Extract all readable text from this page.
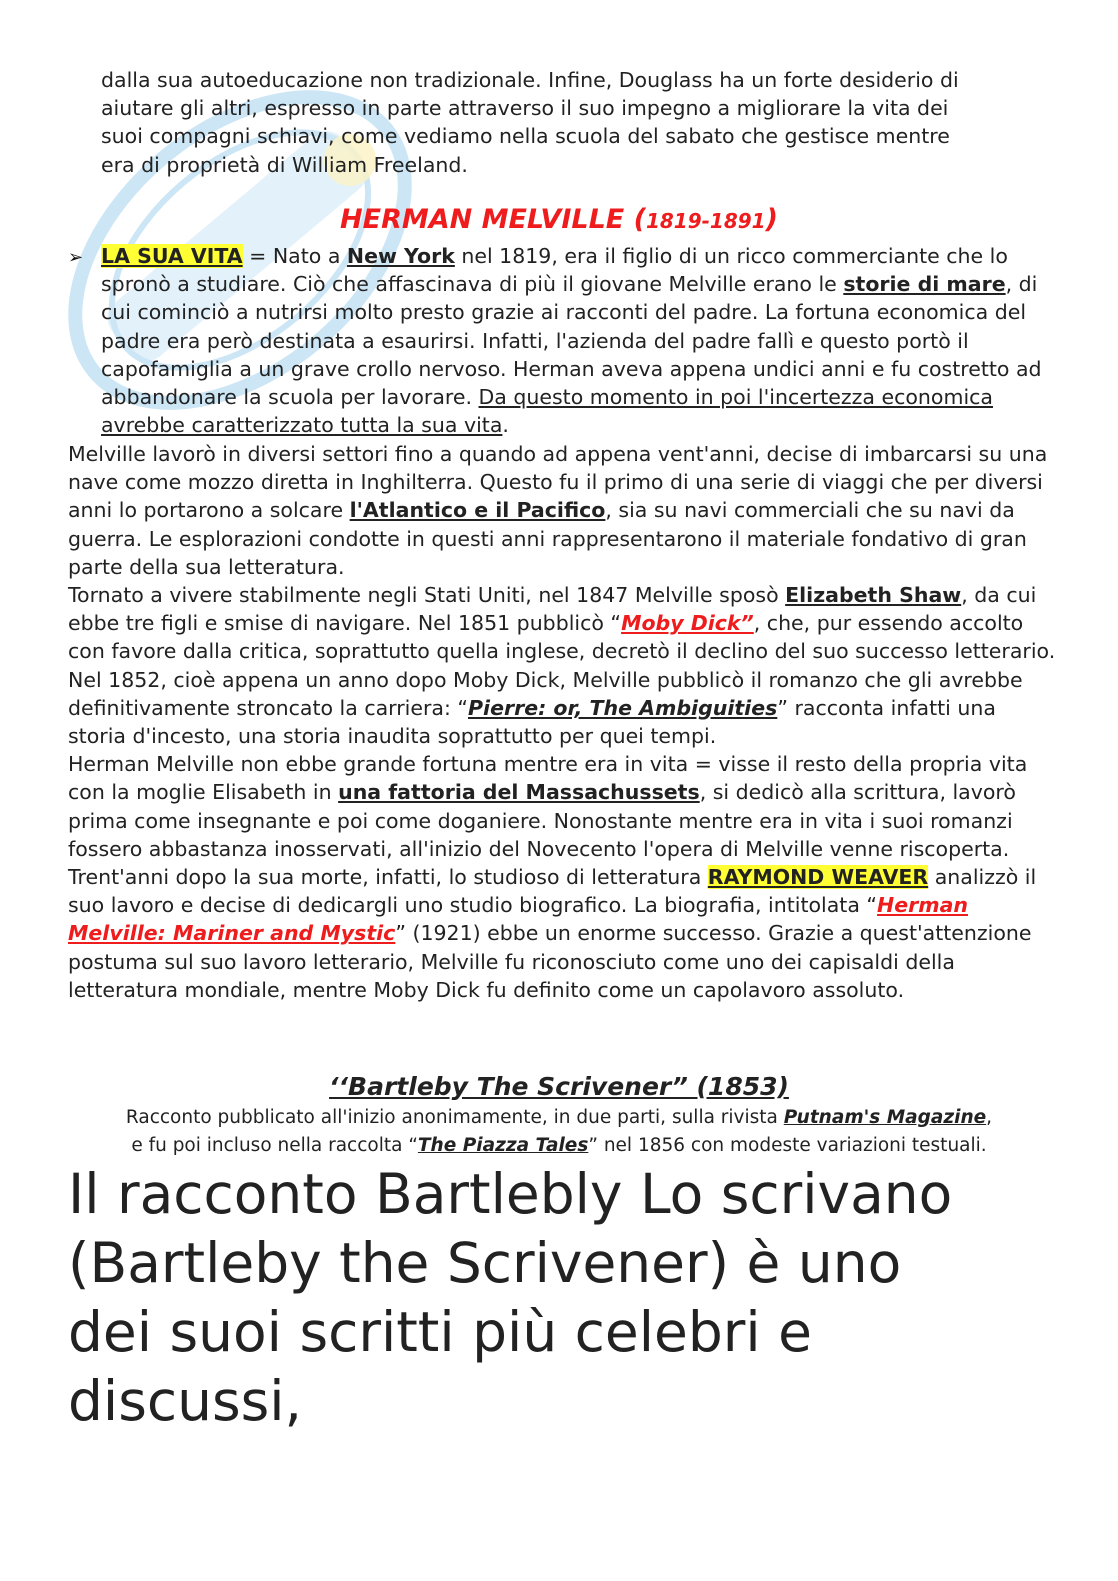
dalla sua autoeducazione non tradizionale. Infine, Douglass ha un forte desiderio di

aiutare gli altri, espresso in parte attraverso il suo impegno a migliorare la vita dei

suoi compagni schiavi, come vediamo nella scuola del sabato che gestisce mentre

era di proprietà di William Freeland.

HERMAN MELVILLE (1819-1891)
➢ LA SUA VITA = Nato a New York nel 1819, era il figlio di un ricco commerciante che lo spronò a studiare. Ciò che affascinava di più il giovane Melville erano le storie di mare, di cui cominciò a nutrirsi molto presto grazie ai racconti del padre. La fortuna economica del padre era però destinata a esaurirsi. Infatti, l'azienda del padre fallì e questo portò il capofamiglia a un grave crollo nervoso. Herman aveva appena undici anni e fu costretto ad abbandonare la scuola per lavorare. Da questo momento in poi l'incertezza economica avrebbe caratterizzato tutta la sua vita.

Melville lavorò in diversi settori fino a quando ad appena vent'anni, decise di imbarcarsi su una nave come mozzo diretta in Inghilterra. Questo fu il primo di una serie di viaggi che per diversi anni lo portarono a solcare l'Atlantico e il Pacifico, sia su navi commerciali che su navi da guerra. Le esplorazioni condotte in questi anni rappresentarono il materiale fondativo di gran parte della sua letteratura.

Tornato a vivere stabilmente negli Stati Uniti, nel 1847 Melville sposò Elizabeth Shaw, da cui ebbe tre figli e smise di navigare. Nel 1851 pubblicò “Moby Dick”, che, pur essendo accolto con favore dalla critica, soprattutto quella inglese, decretò il declino del suo successo letterario. Nel 1852, cioè appena un anno dopo Moby Dick, Melville pubblicò il romanzo che gli avrebbe definitivamente stroncato la carriera: “Pierre: or, The Ambiguities” racconta infatti una storia d'incesto, una storia inaudita soprattutto per quei tempi.

Herman Melville non ebbe grande fortuna mentre era in vita = visse il resto della propria vita con la moglie Elisabeth in una fattoria del Massachussets, si dedicò alla scrittura, lavorò prima come insegnante e poi come doganiere. Nonostante mentre era in vita i suoi romanzi fossero abbastanza inosservati, all'inizio del Novecento l'opera di Melville venne riscoperta. Trent'anni dopo la sua morte, infatti, lo studioso di letteratura RAYMOND WEAVER analizzò il suo lavoro e decise di dedicargli uno studio biografico. La biografia, intitolata “Herman Melville: Mariner and Mystic” (1921) ebbe un enorme successo. Grazie a quest'attenzione postuma sul suo lavoro letterario, Melville fu riconosciuto come uno dei capisaldi della letteratura mondiale, mentre Moby Dick fu definito come un capolavoro assoluto.

‘‘Bartleby The Scrivener” (1853)

Racconto pubblicato all'inizio anonimamente, in due parti, sulla rivista Putnam's Magazine,

e fu poi incluso nella raccolta “The Piazza Tales” nel 1856 con modeste variazioni testuali.

Il racconto Bartlebly Lo scrivano

(Bartleby the Scrivener) è uno

dei suoi scritti più celebri e

discussi,
